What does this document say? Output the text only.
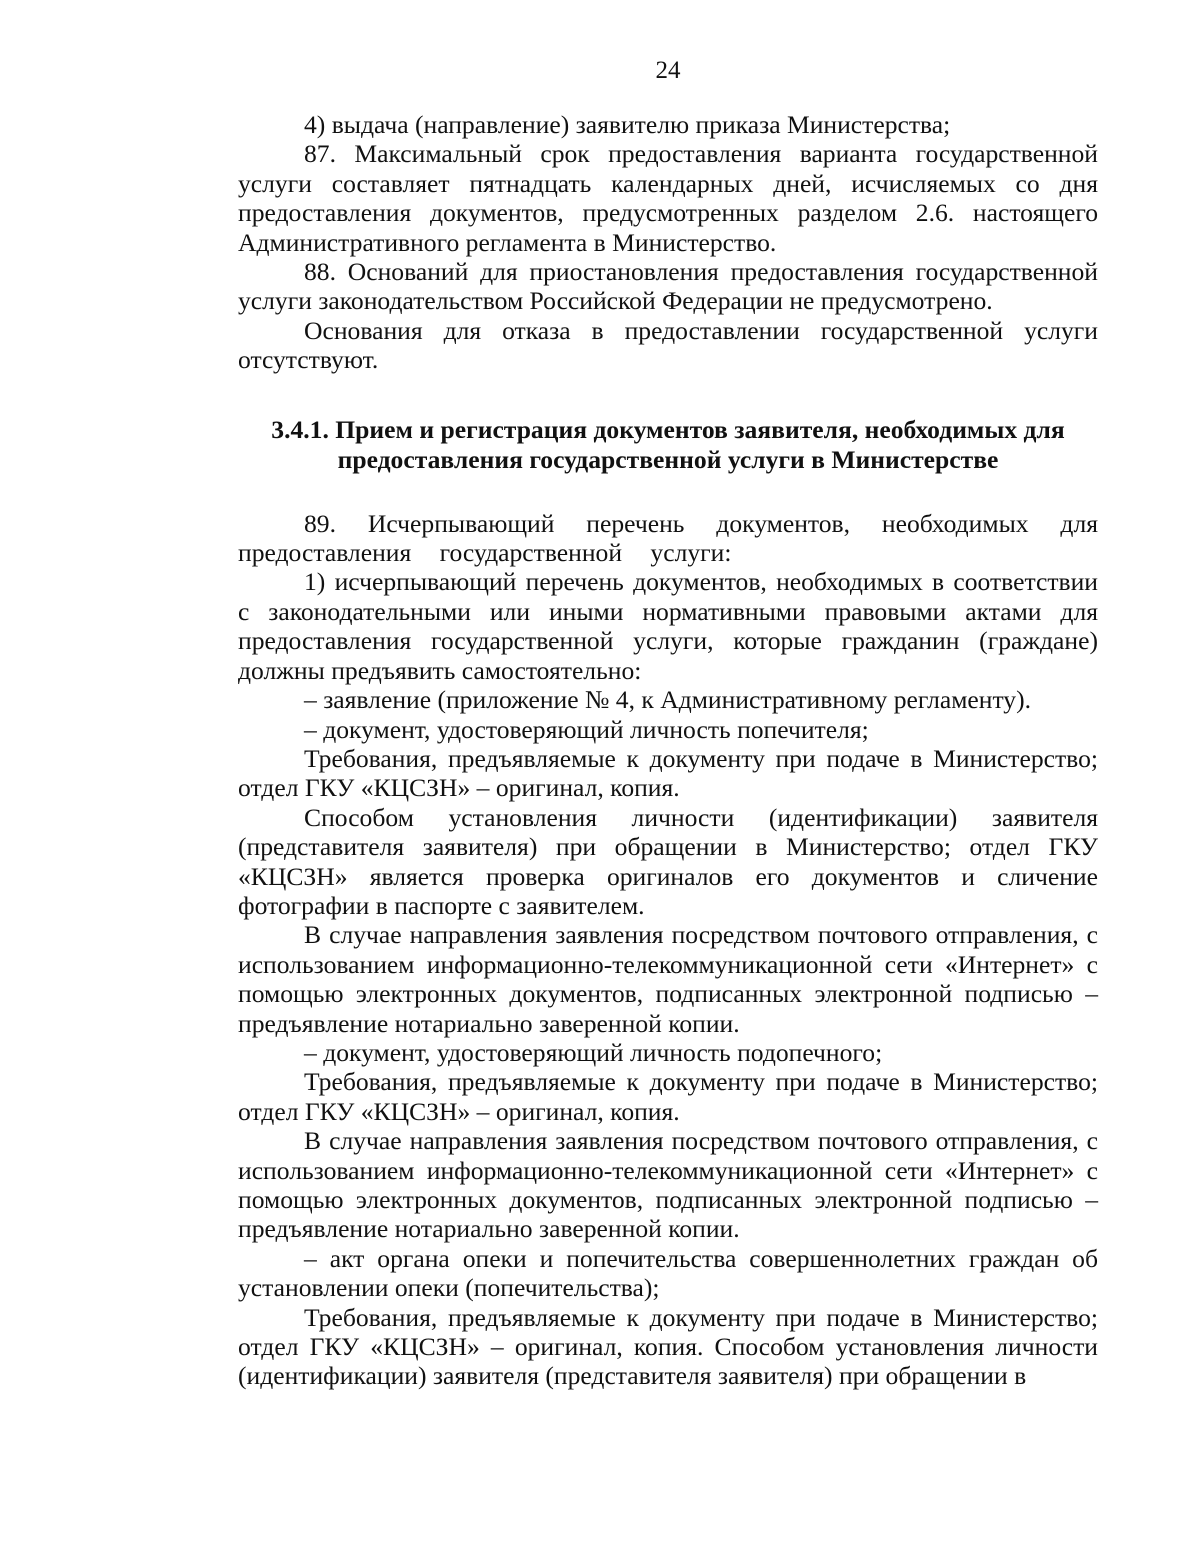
24

4) выдача (направление) заявителю приказа Министерства;

87. Максимальный срок предоставления варианта государственной услуги составляет пятнадцать календарных дней, исчисляемых со дня предоставления документов, предусмотренных разделом 2.6. настоящего Административного регламента в Министерство.

88. Оснований для приостановления предоставления государственной услуги законодательством Российской Федерации не предусмотрено.

Основания для отказа в предоставлении государственной услуги отсутствуют.

3.4.1. Прием и регистрация документов заявителя, необходимых для предоставления государственной услуги в Министерстве

89. Исчерпывающий перечень документов, необходимых для предоставления государственной услуги:

1) исчерпывающий перечень документов, необходимых в соответствии с законодательными или иными нормативными правовыми актами для предоставления государственной услуги, которые гражданин (граждане) должны предъявить самостоятельно:

– заявление (приложение № 4, к Административному регламенту).

– документ, удостоверяющий личность попечителя;

Требования, предъявляемые к документу при подаче в Министерство; отдел ГКУ «КЦСЗН» – оригинал, копия.

Способом установления личности (идентификации) заявителя (представителя заявителя) при обращении в Министерство; отдел ГКУ «КЦСЗН» является проверка оригиналов его документов и сличение фотографии в паспорте с заявителем.

В случае направления заявления посредством почтового отправления, с использованием информационно-телекоммуникационной сети «Интернет» с помощью электронных документов, подписанных электронной подписью – предъявление нотариально заверенной копии.

– документ, удостоверяющий личность подопечного;

Требования, предъявляемые к документу при подаче в Министерство; отдел ГКУ «КЦСЗН» – оригинал, копия.

В случае направления заявления посредством почтового отправления, с использованием информационно-телекоммуникационной сети «Интернет» с помощью электронных документов, подписанных электронной подписью – предъявление нотариально заверенной копии.

– акт органа опеки и попечительства совершеннолетних граждан об установлении опеки (попечительства);

Требования, предъявляемые к документу при подаче в Министерство; отдел ГКУ «КЦСЗН» – оригинал, копия. Способом установления личности (идентификации) заявителя (представителя заявителя) при обращении в
